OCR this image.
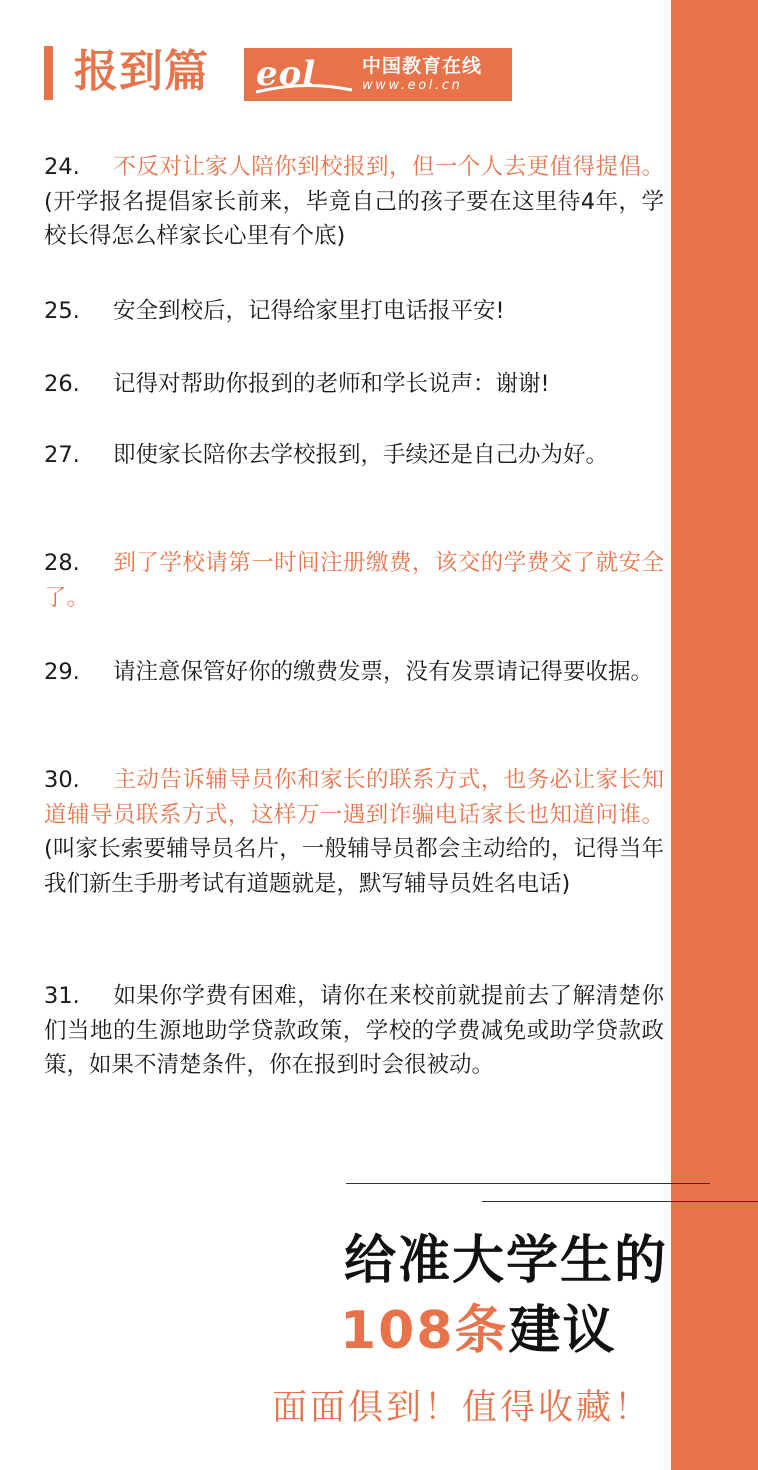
报到篇 eol 中国教育在线
www.eol.cn
24. 不反对让家人陪你到校报到，但一个人去更值得提倡。(开学报名提倡家长前来，毕竟自己的孩子要在这里待4年，学校长得怎么样家长心里有个底)
25. 安全到校后，记得给家里打电话报平安!
26. 记得对帮助你报到的老师和学长说声：谢谢!
27. 即使家长陪你去学校报到，手续还是自己办为好。
28. 到了学校请第一时间注册缴费，该交的学费交了就安全了。
29. 请注意保管好你的缴费发票，没有发票请记得要收据。
30. 主动告诉辅导员你和家长的联系方式，也务必让家长知道辅导员联系方式，这样万一遇到诈骗电话家长也知道问谁。(叫家长索要辅导员名片，一般辅导员都会主动给的，记得当年我们新生手册考试有道题就是，默写辅导员姓名电话)
31. 如果你学费有困难，请你在来校前就提前去了解清楚你们当地的生源地助学贷款政策，学校的学费减免或助学贷款政策，如果不清楚条件，你在报到时会很被动。
给准大学生的
108条建议
面面俱到！值得收藏！
